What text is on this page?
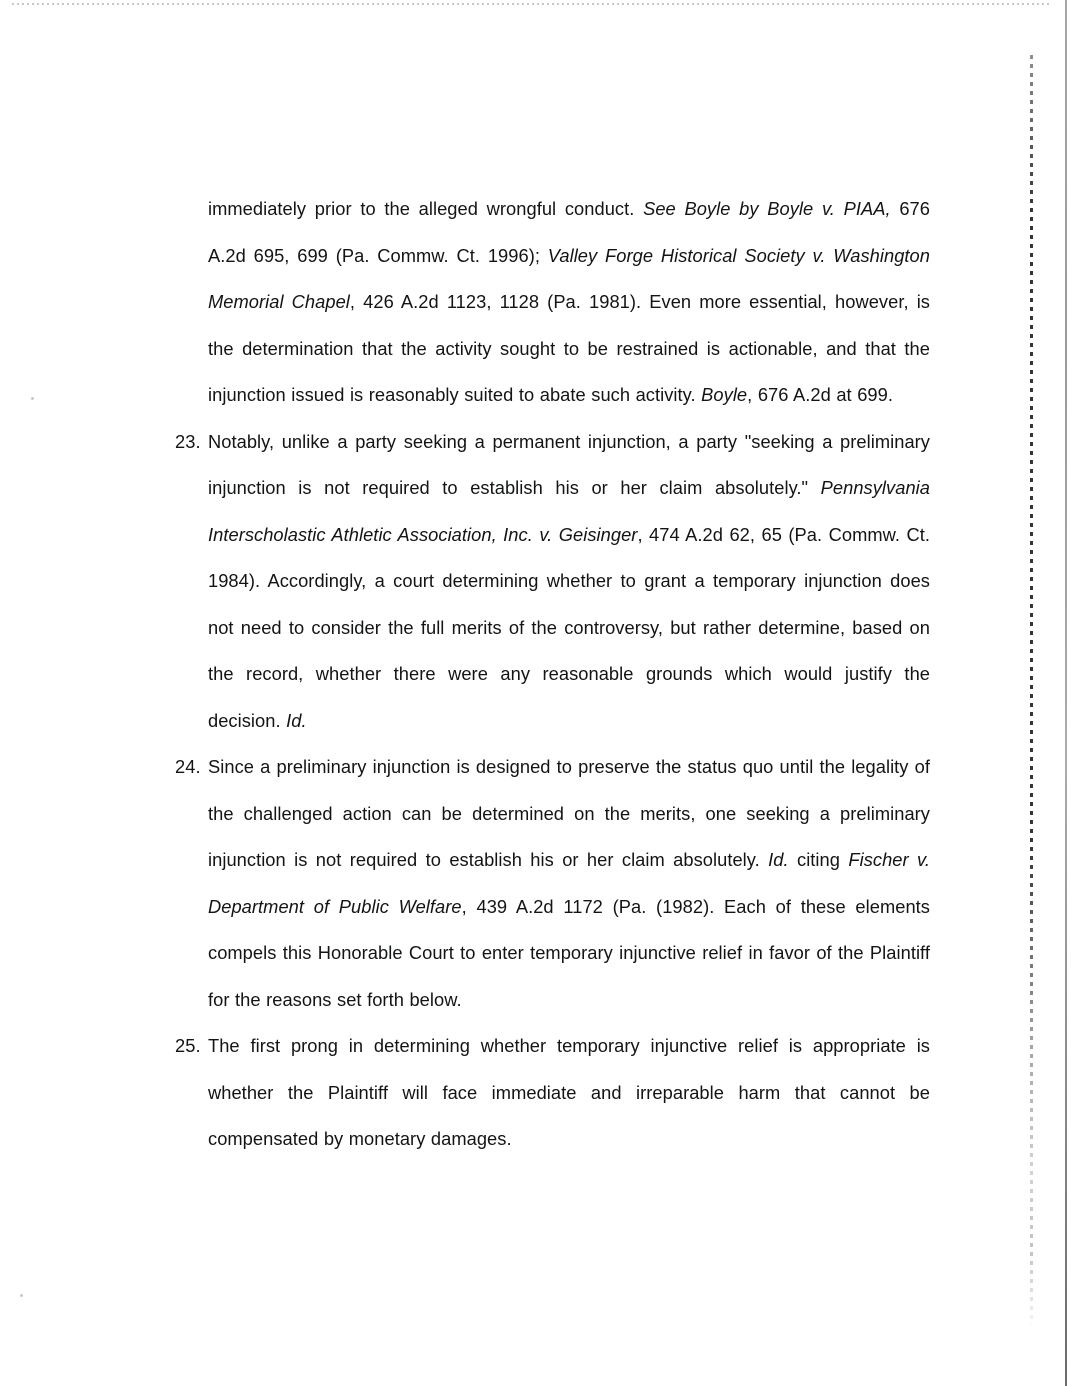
immediately prior to the alleged wrongful conduct. See Boyle by Boyle v. PIAA, 676 A.2d 695, 699 (Pa. Commw. Ct. 1996); Valley Forge Historical Society v. Washington Memorial Chapel, 426 A.2d 1123, 1128 (Pa. 1981). Even more essential, however, is the determination that the activity sought to be restrained is actionable, and that the injunction issued is reasonably suited to abate such activity. Boyle, 676 A.2d at 699.
23. Notably, unlike a party seeking a permanent injunction, a party "seeking a preliminary injunction is not required to establish his or her claim absolutely." Pennsylvania Interscholastic Athletic Association, Inc. v. Geisinger, 474 A.2d 62, 65 (Pa. Commw. Ct. 1984). Accordingly, a court determining whether to grant a temporary injunction does not need to consider the full merits of the controversy, but rather determine, based on the record, whether there were any reasonable grounds which would justify the decision. Id.
24. Since a preliminary injunction is designed to preserve the status quo until the legality of the challenged action can be determined on the merits, one seeking a preliminary injunction is not required to establish his or her claim absolutely. Id. citing Fischer v. Department of Public Welfare, 439 A.2d 1172 (Pa. (1982). Each of these elements compels this Honorable Court to enter temporary injunctive relief in favor of the Plaintiff for the reasons set forth below.
25. The first prong in determining whether temporary injunctive relief is appropriate is whether the Plaintiff will face immediate and irreparable harm that cannot be compensated by monetary damages.
